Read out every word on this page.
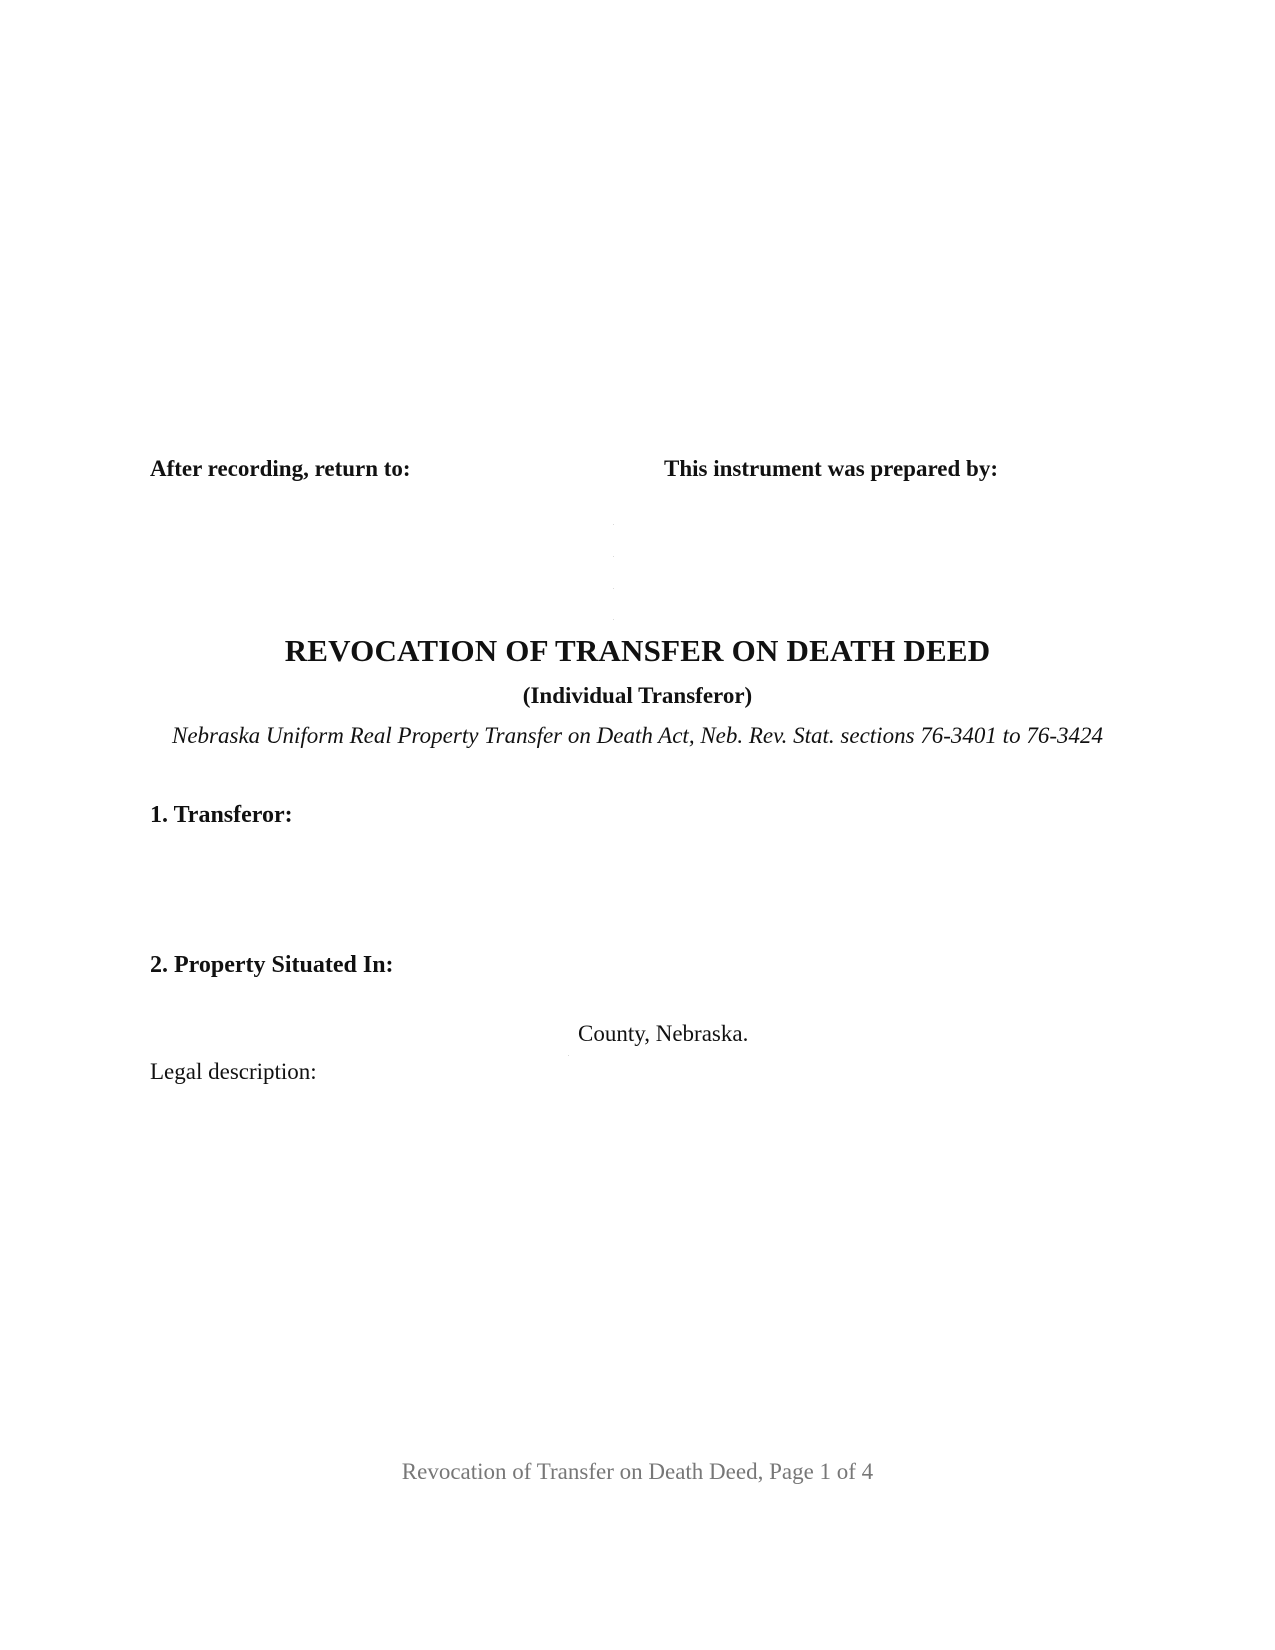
After recording, return to:	This instrument was prepared by:

REVOCATION OF TRANSFER ON DEATH DEED

(Individual Transferor)

Nebraska Uniform Real Property Transfer on Death Act, Neb. Rev. Stat. sections 76-3401 to 76-3424

1. Transferor:

2. Property Situated In:

County, Nebraska.

Legal description:

Revocation of Transfer on Death Deed, Page 1 of 4
